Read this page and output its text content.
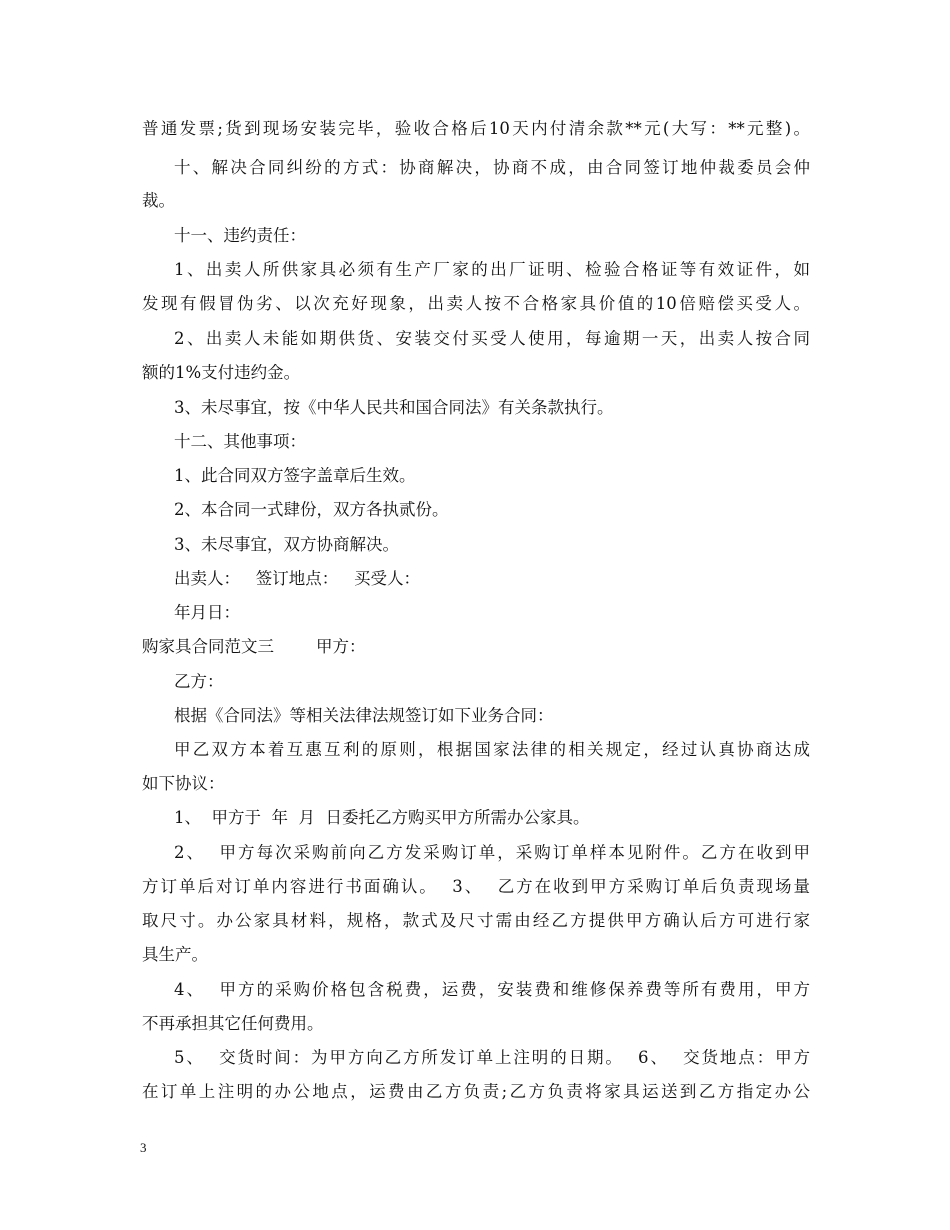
普通发票;货到现场安装完毕，验收合格后10天内付清余款**元(大写：**元整)。
十、解决合同纠纷的方式：协商解决，协商不成，由合同签订地仲裁委员会仲
裁。
十一、违约责任：
1、出卖人所供家具必须有生产厂家的出厂证明、检验合格证等有效证件，如
发现有假冒伪劣、以次充好现象，出卖人按不合格家具价值的10倍赔偿买受人。
2、出卖人未能如期供货、安装交付买受人使用，每逾期一天，出卖人按合同
额的1%支付违约金。
3、未尽事宜，按《中华人民共和国合同法》有关条款执行。
十二、其他事项：
1、此合同双方签字盖章后生效。
2、本合同一式肆份，双方各执贰份。
3、未尽事宜，双方协商解决。
出卖人：   签订地点：   买受人：
年月日：
购家具合同范文三        甲方：
乙方：
根据《合同法》等相关法律法规签订如下业务合同：
甲乙双方本着互惠互利的原则，根据国家法律的相关规定，经过认真协商达成
如下协议：
1、  甲方于  年  月  日委托乙方购买甲方所需办公家具。
2、  甲方每次采购前向乙方发采购订单，采购订单样本见附件。乙方在收到甲
方订单后对订单内容进行书面确认。  3、  乙方在收到甲方采购订单后负责现场量
取尺寸。办公家具材料，规格，款式及尺寸需由经乙方提供甲方确认后方可进行家
具生产。
4、  甲方的采购价格包含税费，运费，安装费和维修保养费等所有费用，甲方
不再承担其它任何费用。
5、  交货时间：为甲方向乙方所发订单上注明的日期。  6、  交货地点：甲方
在订单上注明的办公地点，运费由乙方负责;乙方负责将家具运送到乙方指定办公
3
